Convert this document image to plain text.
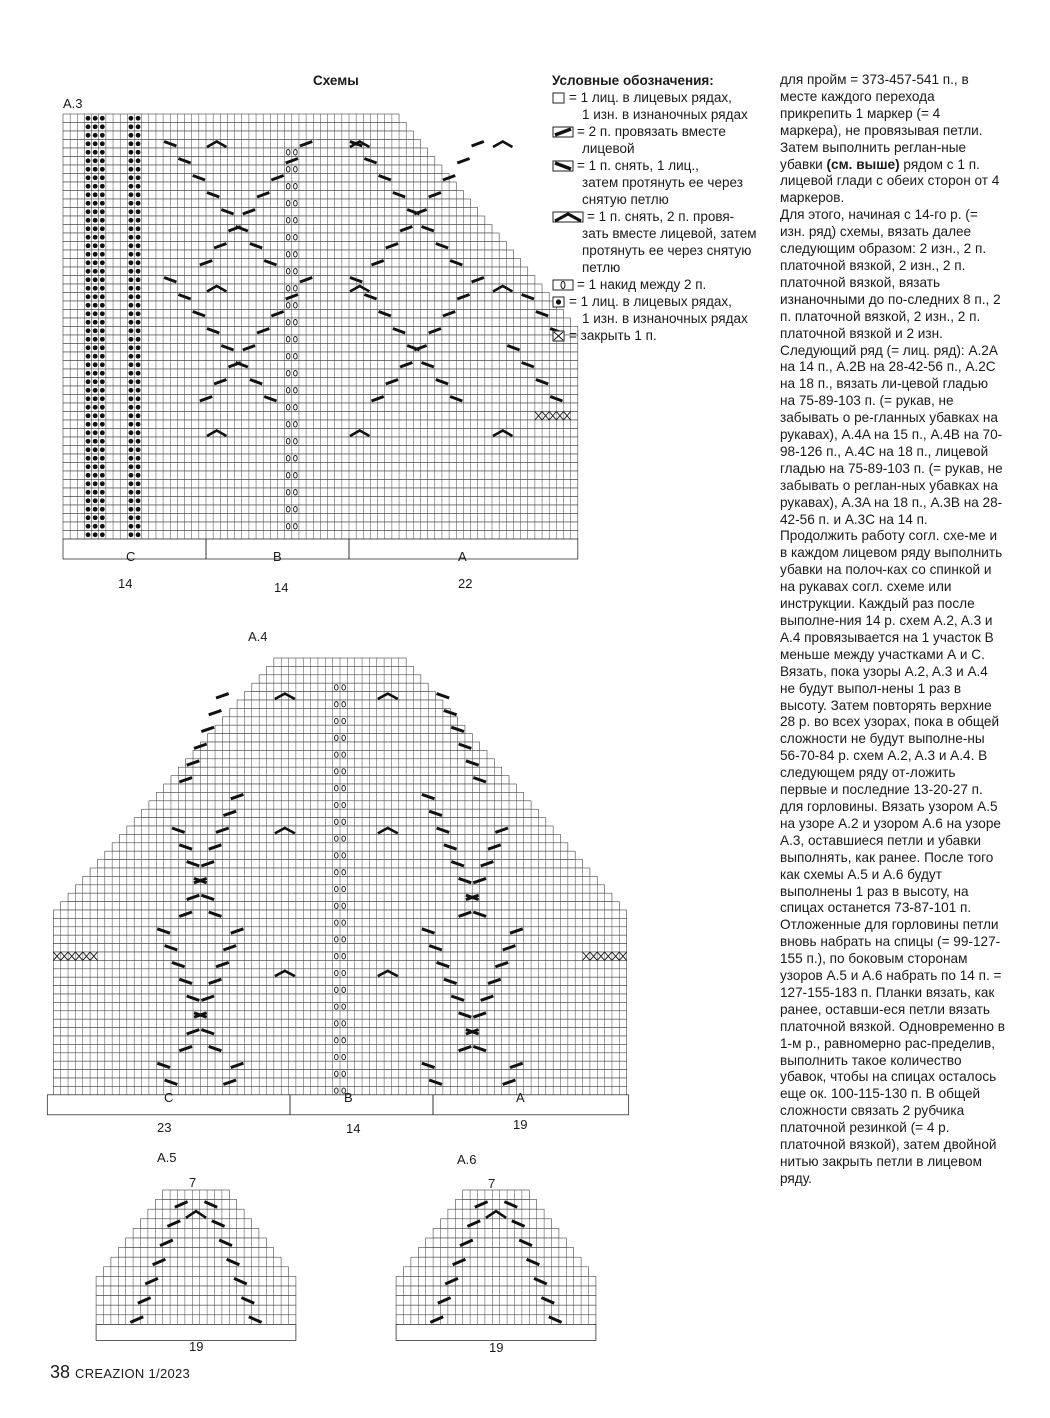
Схемы
A.3
C	B	A
14	14	22
A.4
C	B	A
23	14	19
A.5
7
19
A.6
7
19
Условные обозначения:
= 1 лиц. в лицевых рядах,
1 изн. в изнаночных рядах
= 2 п. провязать вместе
лицевой
= 1 п. снять, 1 лиц.,
затем протянуть ее через снятую петлю
= 1 п. снять, 2 п. провя-
зать вместе лицевой, затем протянуть ее через снятую петлю
= 1 накид между 2 п.
= 1 лиц. в лицевых рядах,
1 изн. в изнаночных рядах
= закрыть 1 п.

для пройм = 373-457-541 п., в месте каждого перехода прикрепить 1 маркер (= 4 маркера), не провязывая петли. Затем выполнить реглан-ные убавки (см. выше) рядом с 1 п. лицевой глади с обеих сторон от 4 маркеров.

Для этого, начиная с 14-го р. (= изн. ряд) схемы, вязать далее следующим образом: 2 изн., 2 п. платочной вязкой, 2 изн., 2 п. платочной вязкой, вязать изнаночными до по-следних 8 п., 2 п. платочной вязкой, 2 изн., 2 п. платочной вязкой и 2 изн.

Следующий ряд (= лиц. ряд): A.2A на 14 п., A.2B на 28-42-56 п., A.2C на 18 п., вязать ли-цевой гладью на 75-89-103 п. (= рукав, не забывать о ре-гланных убавках на рукавах), A.4A на 15 п., A.4B на 70-98-126 п., A.4C на 18 п., лицевой гладью на 75-89-103 п. (= рукав, не забывать о реглан-ных убавках на рукавах), A.3A на 18 п., A.3B на 28-42-56 п. и A.3C на 14 п.

Продолжить работу согл. схе-ме и в каждом лицевом ряду выполнить убавки на полоч-ках со спинкой и на рукавах согл. схеме или инструкции. Каждый раз после выполне-ния 14 р. схем A.2, A.3 и A.4 провязывается на 1 участок В меньше между участками А и С. Вязать, пока узоры A.2, A.3 и A.4 не будут выпол-нены 1 раз в высоту. Затем повторять верхние 28 р. во всех узорах, пока в общей сложности не будут выполне-ны 56-70-84 р. схем A.2, A.3 и A.4. В следующем ряду от-ложить первые и последние 13-20-27 п. для горловины. Вязать узором A.5 на узоре A.2 и узором A.6 на узоре A.3, оставшиеся петли и убавки выполнять, как ранее. После того как схемы A.5 и A.6 будут выполнены 1 раз в высоту, на спицах останется 73-87-101 п. Отложенные для горловины петли вновь набрать на спицы (= 99-127-155 п.), по боковым сторонам узоров A.5 и A.6 набрать по 14 п. = 127-155-183 п. Планки вязать, как ранее, оставши-еся петли вязать платочной вязкой. Одновременно в 1-м р., равномерно рас-пределив, выполнить такое количество убавок, чтобы на спицах осталось еще ок. 100-115-130 п. В общей сложности связать 2 рубчика платочной резинкой (= 4 р. платочной вязкой), затем двойной нитью закрыть петли в лицевом ряду.

38 CREAZION 1/2023
